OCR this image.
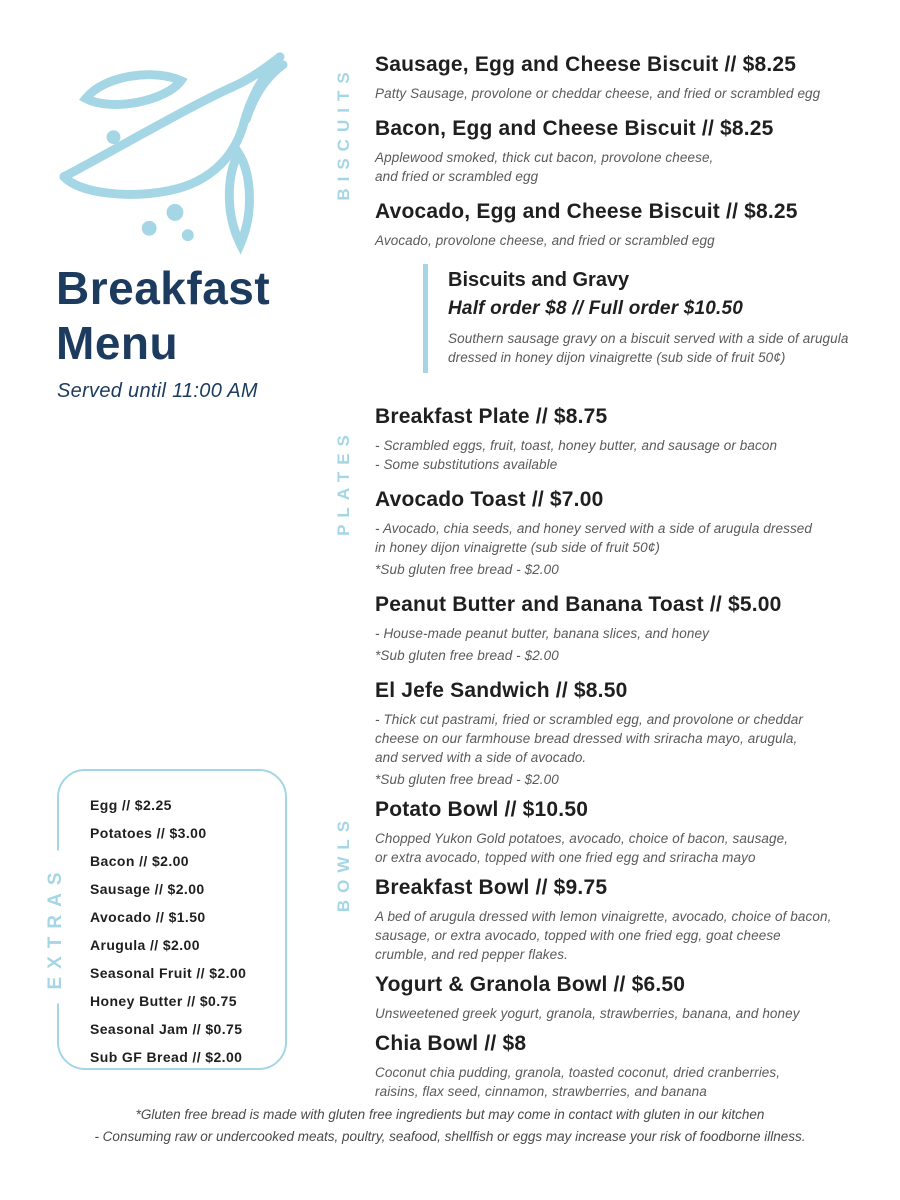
Breakfast
Menu
Served until 11:00 AM
BISCUITS
PLATES
BOWLS
Sausage, Egg and Cheese Biscuit // $8.25
Patty Sausage, provolone or cheddar cheese, and fried or scrambled egg
Bacon, Egg and Cheese Biscuit // $8.25
Applewood smoked, thick cut bacon, provolone cheese,
and fried or scrambled egg
Avocado, Egg and Cheese Biscuit // $8.25
Avocado, provolone cheese, and fried or scrambled egg
Biscuits and Gravy
Half order $8 // Full order $10.50
Southern sausage gravy on a biscuit served with a side of arugula
dressed in honey dijon vinaigrette (sub side of fruit 50¢)
Breakfast Plate // $8.75
- Scrambled eggs, fruit, toast, honey butter, and sausage or bacon
- Some substitutions available
Avocado Toast // $7.00
- Avocado, chia seeds, and honey served with a side of arugula dressed
in honey dijon vinaigrette (sub side of fruit 50¢)
*Sub gluten free bread - $2.00
Peanut Butter and Banana Toast // $5.00
- House-made peanut butter, banana slices, and honey
*Sub gluten free bread - $2.00
El Jefe Sandwich // $8.50
- Thick cut pastrami, fried or scrambled egg, and provolone or cheddar
cheese on our farmhouse bread dressed with sriracha mayo, arugula,
and served with a side of avocado.
*Sub gluten free bread - $2.00
Potato Bowl // $10.50
Chopped Yukon Gold potatoes, avocado, choice of bacon, sausage,
or extra avocado, topped with one fried egg and sriracha mayo
Breakfast Bowl // $9.75
A bed of arugula dressed with lemon vinaigrette, avocado, choice of bacon,
sausage, or extra avocado, topped with one fried egg, goat cheese
crumble, and red pepper flakes.
Yogurt & Granola Bowl // $6.50
Unsweetened greek yogurt, granola, strawberries, banana, and honey
Chia Bowl // $8
Coconut chia pudding, granola, toasted coconut, dried cranberries,
raisins, flax seed, cinnamon, strawberries, and banana
Egg // $2.25
Potatoes // $3.00
Bacon // $2.00
Sausage // $2.00
Avocado // $1.50
Arugula // $2.00
Seasonal Fruit // $2.00
Honey Butter // $0.75
Seasonal Jam // $0.75
Sub GF Bread // $2.00
EXTRAS
*Gluten free bread is made with gluten free ingredients but may come in contact with gluten in our kitchen
- Consuming raw or undercooked meats, poultry, seafood, shellfish or eggs may increase your risk of foodborne illness.
